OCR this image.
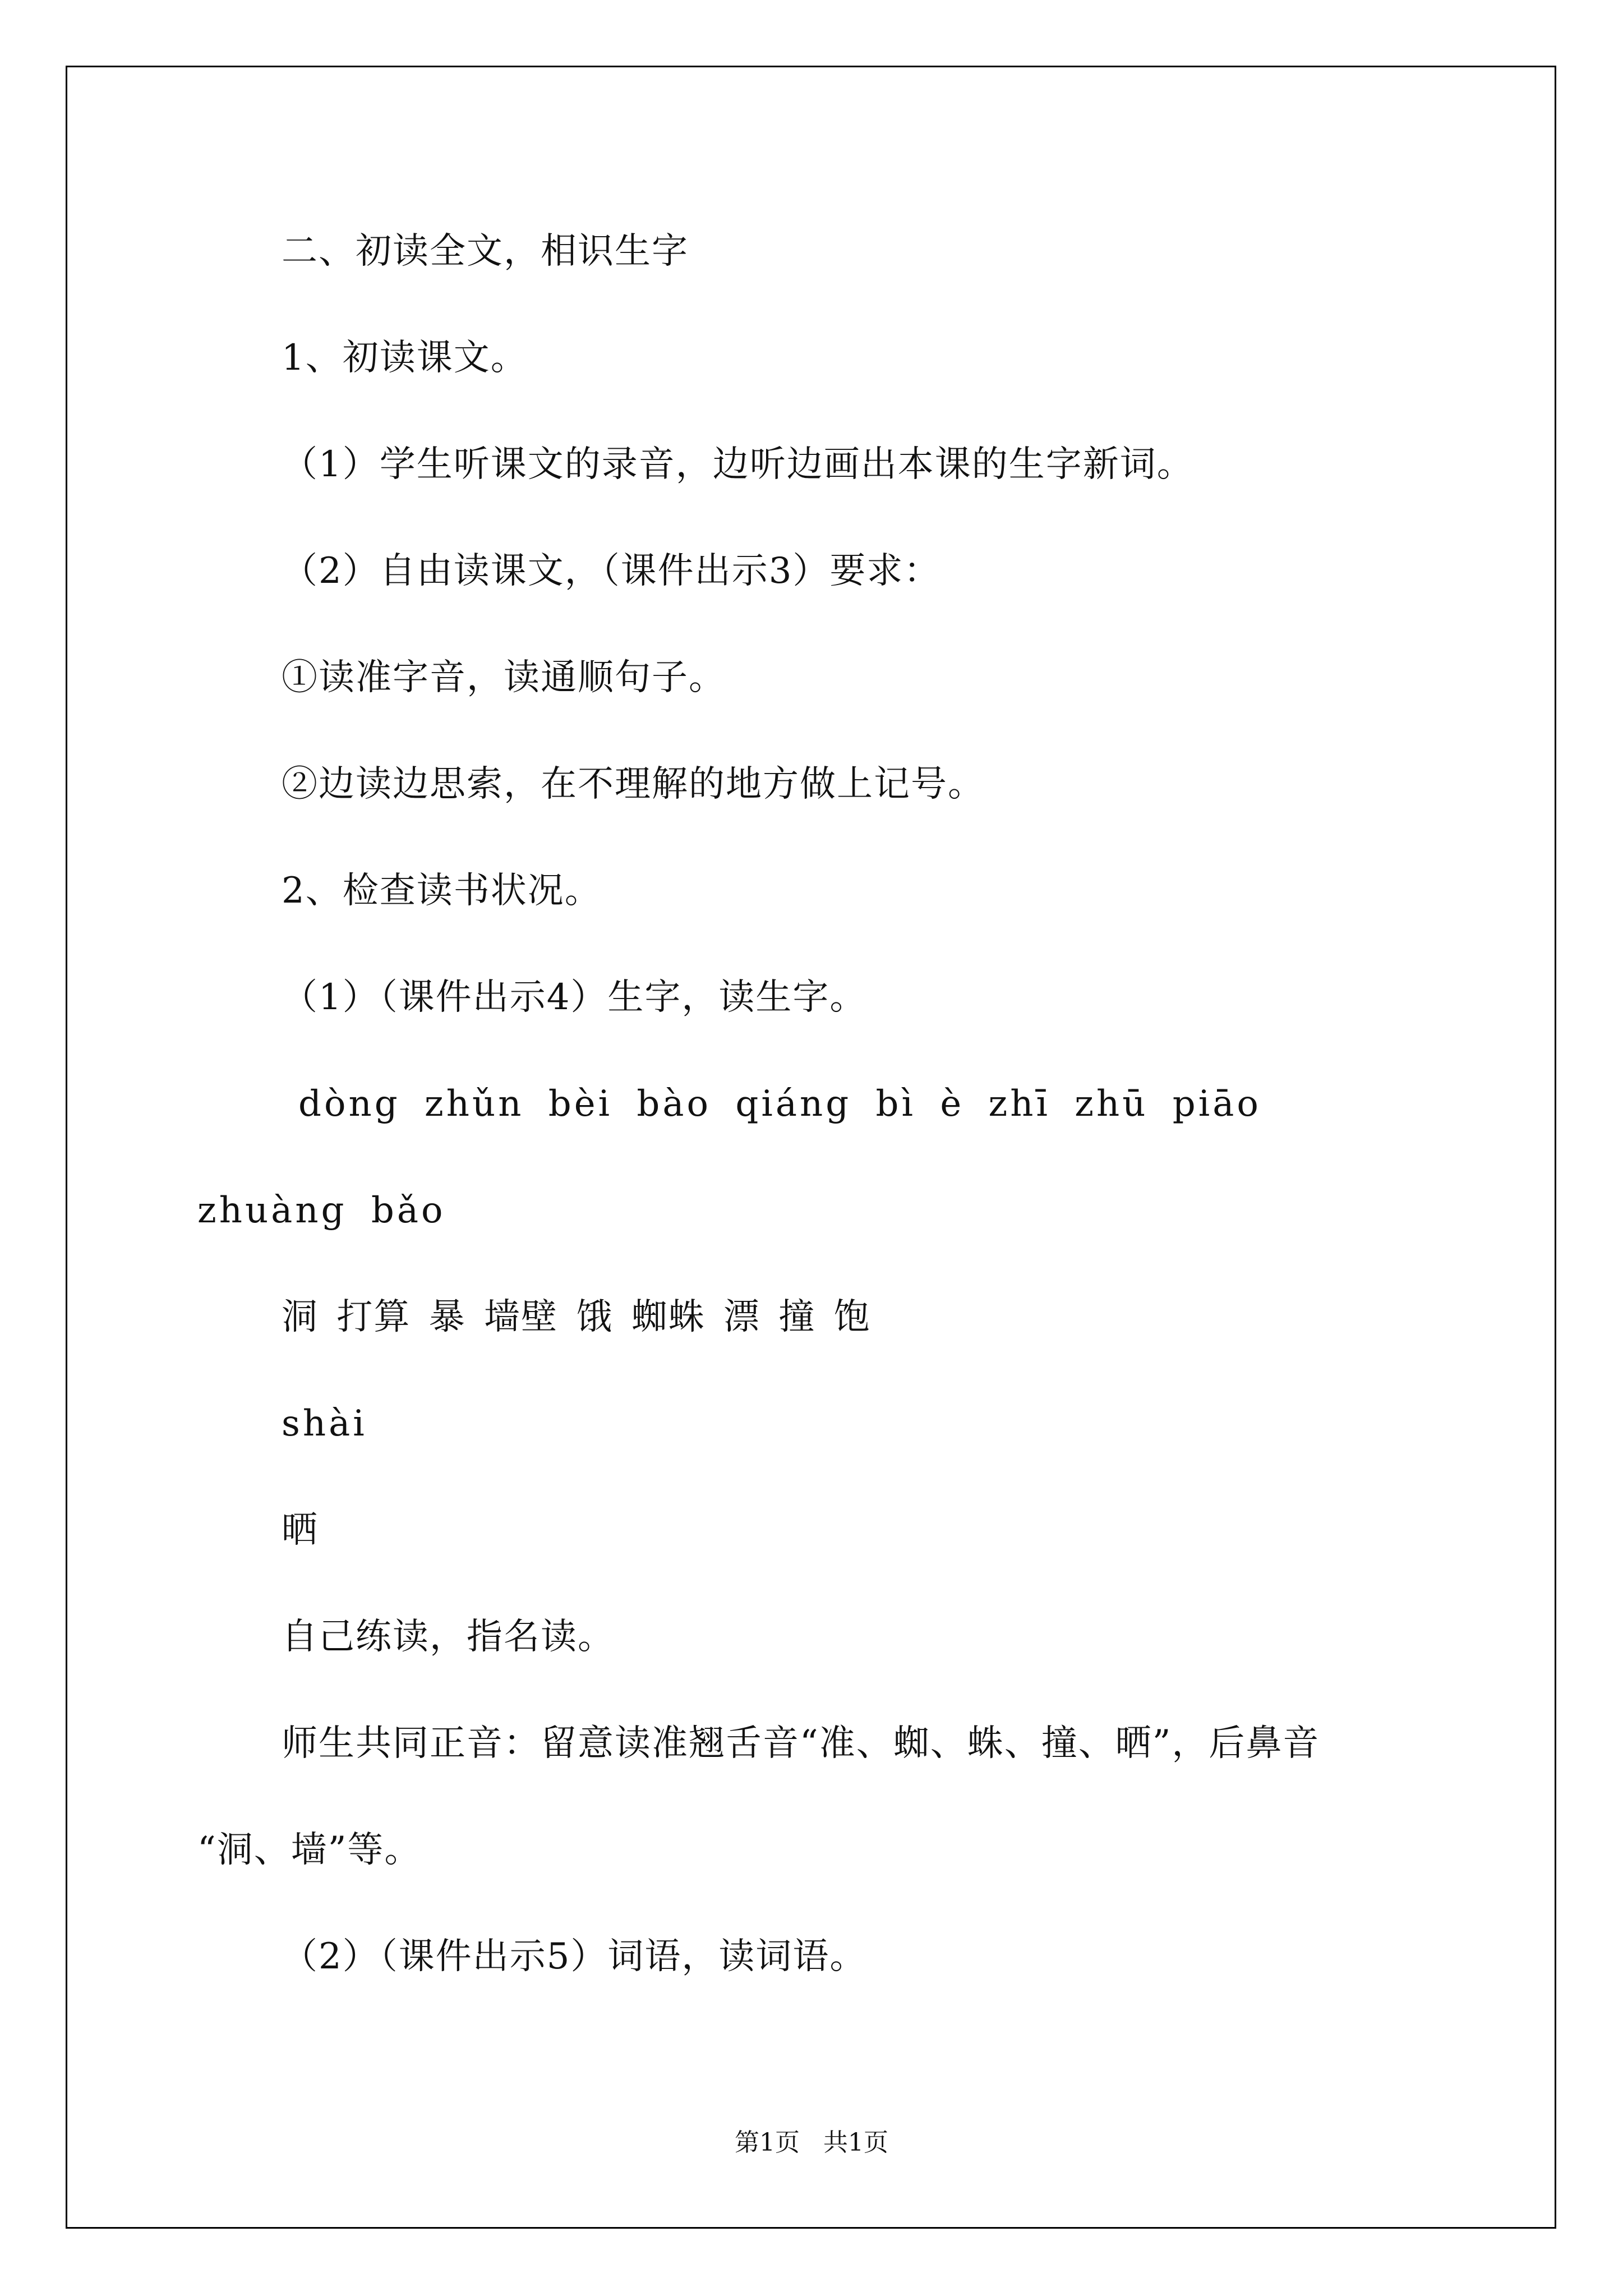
二、初读全文，相识生字
1、初读课文。
（1）学生听课文的录音，边听边画出本课的生字新词。
（2）自由读课文，（课件出示3）要求：
①读准字音，读通顺句子。
②边读边思索，在不理解的地方做上记号。
2、检查读书状况。
（1）（课件出示4）生字，读生字。
dòng zhǔn bèi bào qiáng bì è zhī zhū piāo
zhuàng bǎo
洞 打算 暴 墙壁 饿 蜘蛛 漂 撞 饱
shài
晒
自己练读，指名读。
师生共同正音：留意读准翘舌音“准、蜘、蛛、撞、晒”，后鼻音
“洞、墙”等。
（2）（课件出示5）词语，读词语。
第1页   共1页
